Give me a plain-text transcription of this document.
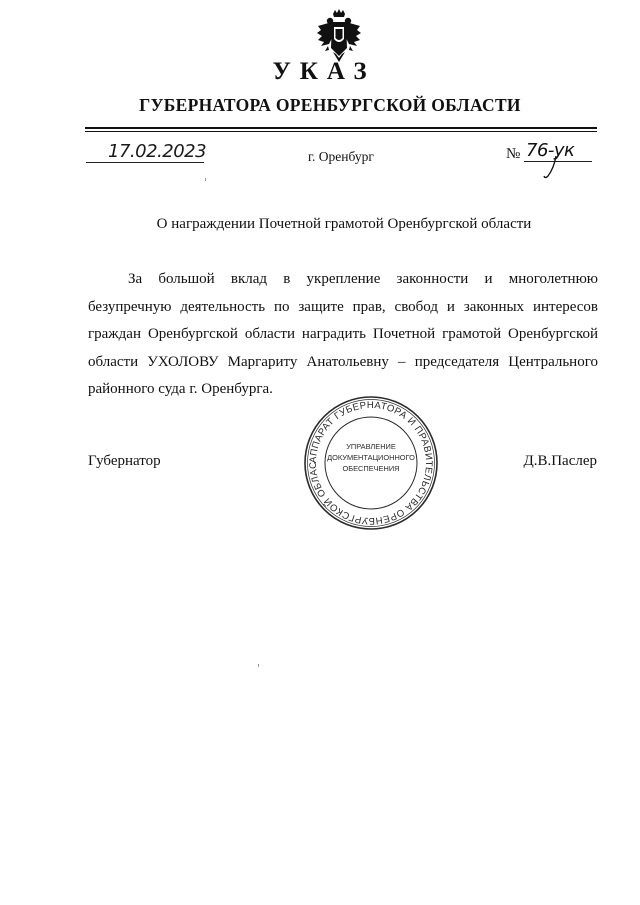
УКАЗ
ГУБЕРНАТОРА ОРЕНБУРГСКОЙ ОБЛАСТИ
17.02.2023	г. Оренбург	№ 76-ук
О награждении Почетной грамотой Оренбургской области

За большой вклад в укрепление законности и многолетнюю безупречную деятельность по защите прав, свобод и законных интересов граждан Оренбургской области наградить Почетной грамотой Оренбургской области УХОЛОВУ Маргариту Анатольевну – председателя Центрального районного суда г. Оренбурга.

Губернатор	Д.В.Паслер
АППАРАТ ГУБЕРНАТОРА И ПРАВИТЕЛЬСТВА ОРЕНБУРГСКОЙ ОБЛАС
УПРАВЛЕНИЕ
ДОКУМЕНТАЦИОННОГО
ОБЕСПЕЧЕНИЯ
